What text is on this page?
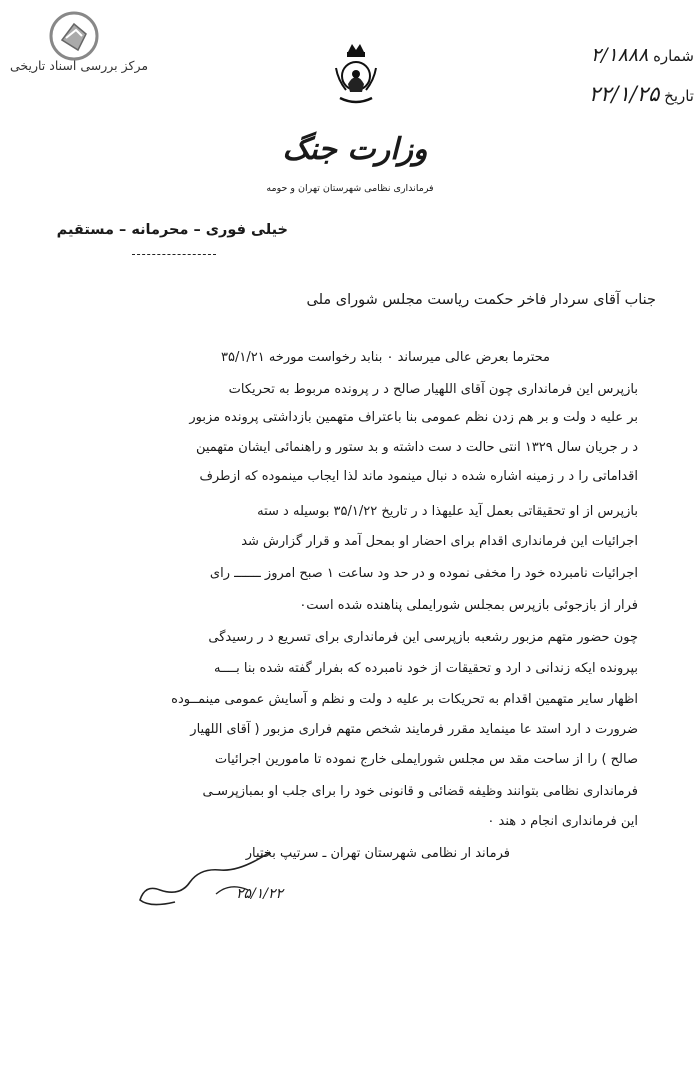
مرکز بررسی اسناد تاریخی
شماره ۲/۱۸۸۸
تاریخ ۲۲/۱/۲۵
وزارت جنگ
فرمانداری نظامی شهرستان تهران و حومه
خیلی فوری – محرمانه – مستقیم
جناب آقای سردار فاخر حکمت ریاست مجلس شورای ملی
محترما بعرض عالی میرساند ۰ بنابد رخواست مورخه ۳۵/۱/۲۱
بازپرس این فرمانداری چون آقای اللهیار صالح د ر پرونده مربوط به تحریکات
بر علیه د ولت و بر هم زدن نظم عمومی بنا باعتراف متهمین بازداشتی پرونده مزبور
د ر جریان سال ۱۳۲۹ انتی حالت د ست داشته و بد ستور و راهنمائی ایشان متهمین
اقداماتی را د ر زمینه اشاره شده د نبال مینمود ماند لذا ایجاب مینموده که ازطرف
بازپرس از او تحقیقاتی بعمل آید علیهذا د ر تاریخ ۳۵/۱/۲۲ بوسیله د سته
اجرائیات این فرمانداری اقدام برای احضار او بمحل آمد و قرار گزارش شد
اجرائیات نامبرده خود را مخفی نموده و در حد ود ساعت ۱ صبح امروز ـــــــ رای
فرار از بازجوئی بازپرس بمجلس شورایملی پناهنده شده است۰
چون حضور متهم مزبور رشعبه بازپرسی این فرمانداری برای تسریع د ر رسیدگی
بپرونده ایکه زندانی د ارد و تحقیقات از خود نامبرده که بفرار گفته شده بنا بــــه
اظهار سایر متهمین اقدام به تحریکات بر علیه د ولت و نظم و آسایش عمومی مینمــوده
ضرورت د ارد استد عا مینماید مقرر فرمایند شخص متهم فراری مزبور ( آقای اللهیار
صالح ) را از ساحت مقد س مجلس شورایملی خارج نموده تا مامورین اجرائیات
فرمانداری نظامی بتوانند وظیفه قضائی و قانونی خود را برای جلب او بمبازپرسـی
این فرمانداری انجام د هند ۰
فرماند ار نظامی شهرستان تهران ـ سرتیپ بختیار
۲۵/۱/۲۲
